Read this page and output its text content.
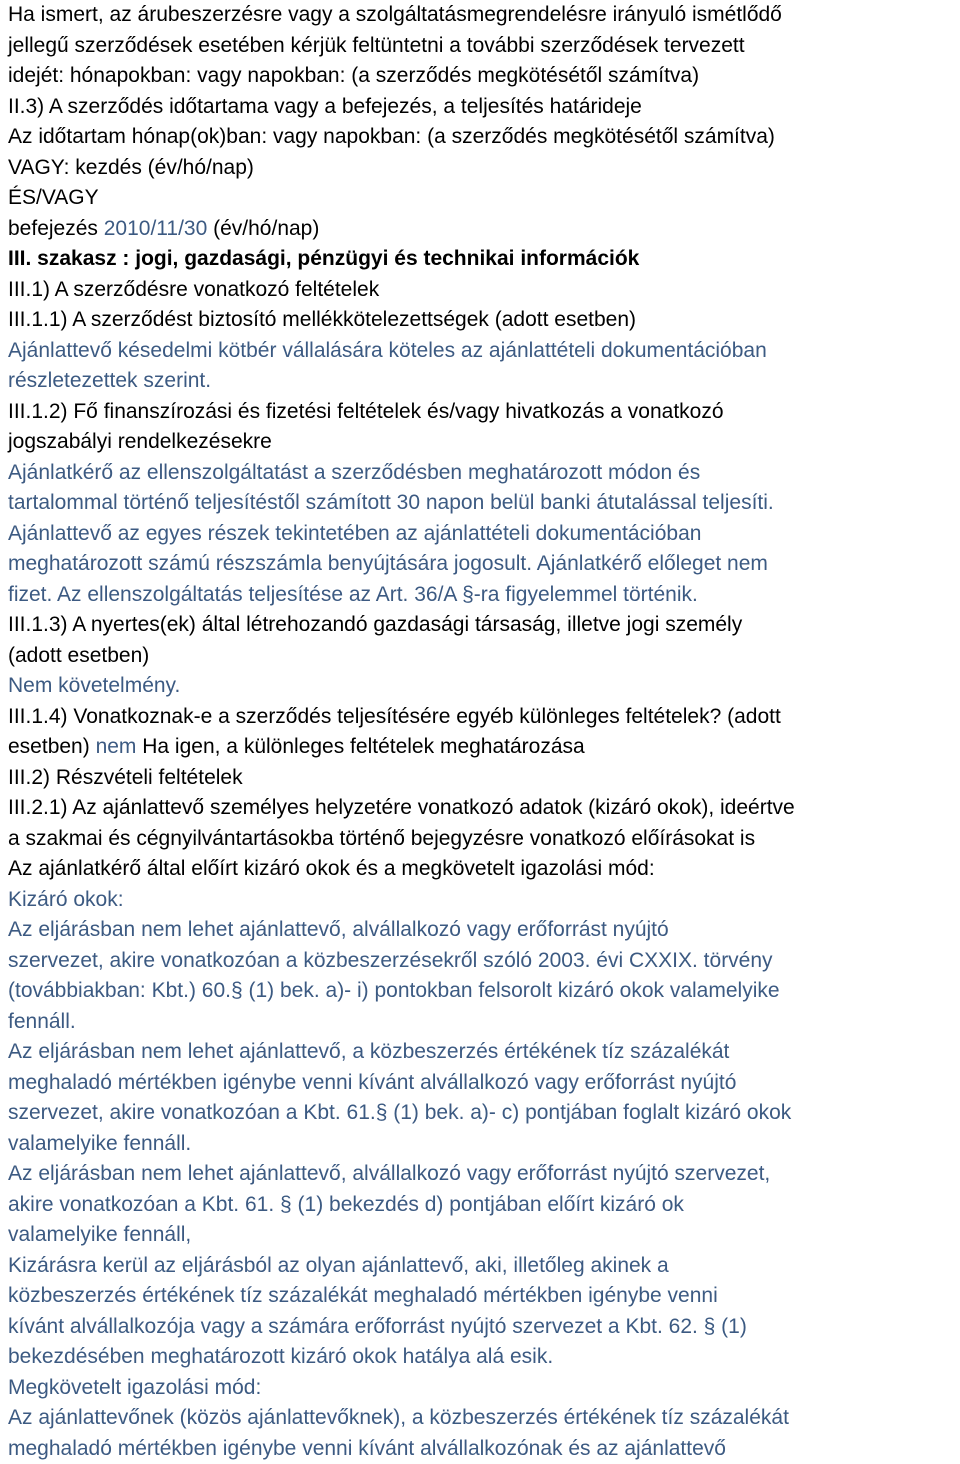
Ha ismert, az árubeszerzésre vagy a szolgáltatásmegrendelésre irányuló ismétlődő
jellegű szerződések esetében kérjük feltüntetni a további szerződések tervezett
idejét: hónapokban: vagy napokban: (a szerződés megkötésétől számítva)
II.3) A szerződés időtartama vagy a befejezés, a teljesítés határideje
Az időtartam hónap(ok)ban: vagy napokban: (a szerződés megkötésétől számítva)
VAGY: kezdés (év/hó/nap)
ÉS/VAGY
befejezés 2010/11/30 (év/hó/nap)
III. szakasz : jogi, gazdasági, pénzügyi és technikai információk
III.1) A szerződésre vonatkozó feltételek
III.1.1) A szerződést biztosító mellékkötelezettségek (adott esetben)
Ajánlattevő késedelmi kötbér vállalására köteles az ajánlattételi dokumentációban
részletezettek szerint.
III.1.2) Fő finanszírozási és fizetési feltételek és/vagy hivatkozás a vonatkozó
jogszabályi rendelkezésekre
Ajánlatkérő az ellenszolgáltatást a szerződésben meghatározott módon és
tartalommal történő teljesítéstől számított 30 napon belül banki átutalással teljesíti.
Ajánlattevő az egyes részek tekintetében az ajánlattételi dokumentációban
meghatározott számú részszámla benyújtására jogosult. Ajánlatkérő előleget nem
fizet. Az ellenszolgáltatás teljesítése az Art. 36/A §-ra figyelemmel történik.
III.1.3) A nyertes(ek) által létrehozandó gazdasági társaság, illetve jogi személy
(adott esetben)
Nem követelmény.
III.1.4) Vonatkoznak-e a szerződés teljesítésére egyéb különleges feltételek? (adott
esetben) nem Ha igen, a különleges feltételek meghatározása
III.2) Részvételi feltételek
III.2.1) Az ajánlattevő személyes helyzetére vonatkozó adatok (kizáró okok), ideértve
a szakmai és cégnyilvántartásokba történő bejegyzésre vonatkozó előírásokat is
Az ajánlatkérő által előírt kizáró okok és a megkövetelt igazolási mód:
Kizáró okok:
Az eljárásban nem lehet ajánlattevő, alvállalkozó vagy erőforrást nyújtó
szervezet, akire vonatkozóan a közbeszerzésekről szóló 2003. évi CXXIX. törvény
(továbbiakban: Kbt.) 60.§ (1) bek. a)- i) pontokban felsorolt kizáró okok valamelyike
fennáll.
Az eljárásban nem lehet ajánlattevő, a közbeszerzés értékének tíz százalékát
meghaladó mértékben igénybe venni kívánt alvállalkozó vagy erőforrást nyújtó
szervezet, akire vonatkozóan a Kbt. 61.§ (1) bek. a)- c) pontjában foglalt kizáró okok
valamelyike fennáll.
Az eljárásban nem lehet ajánlattevő, alvállalkozó vagy erőforrást nyújtó szervezet,
akire vonatkozóan a Kbt. 61. § (1) bekezdés d) pontjában előírt kizáró ok
valamelyike fennáll,
Kizárásra kerül az eljárásból az olyan ajánlattevő, aki, illetőleg akinek a
közbeszerzés értékének tíz százalékát meghaladó mértékben igénybe venni
kívánt alvállalkozója vagy a számára erőforrást nyújtó szervezet a Kbt. 62. § (1)
bekezdésében meghatározott kizáró okok hatálya alá esik.
Megkövetelt igazolási mód:
Az ajánlattevőnek (közös ajánlattevőknek), a közbeszerzés értékének tíz százalékát
meghaladó mértékben igénybe venni kívánt alvállalkozónak és az ajánlattevő
